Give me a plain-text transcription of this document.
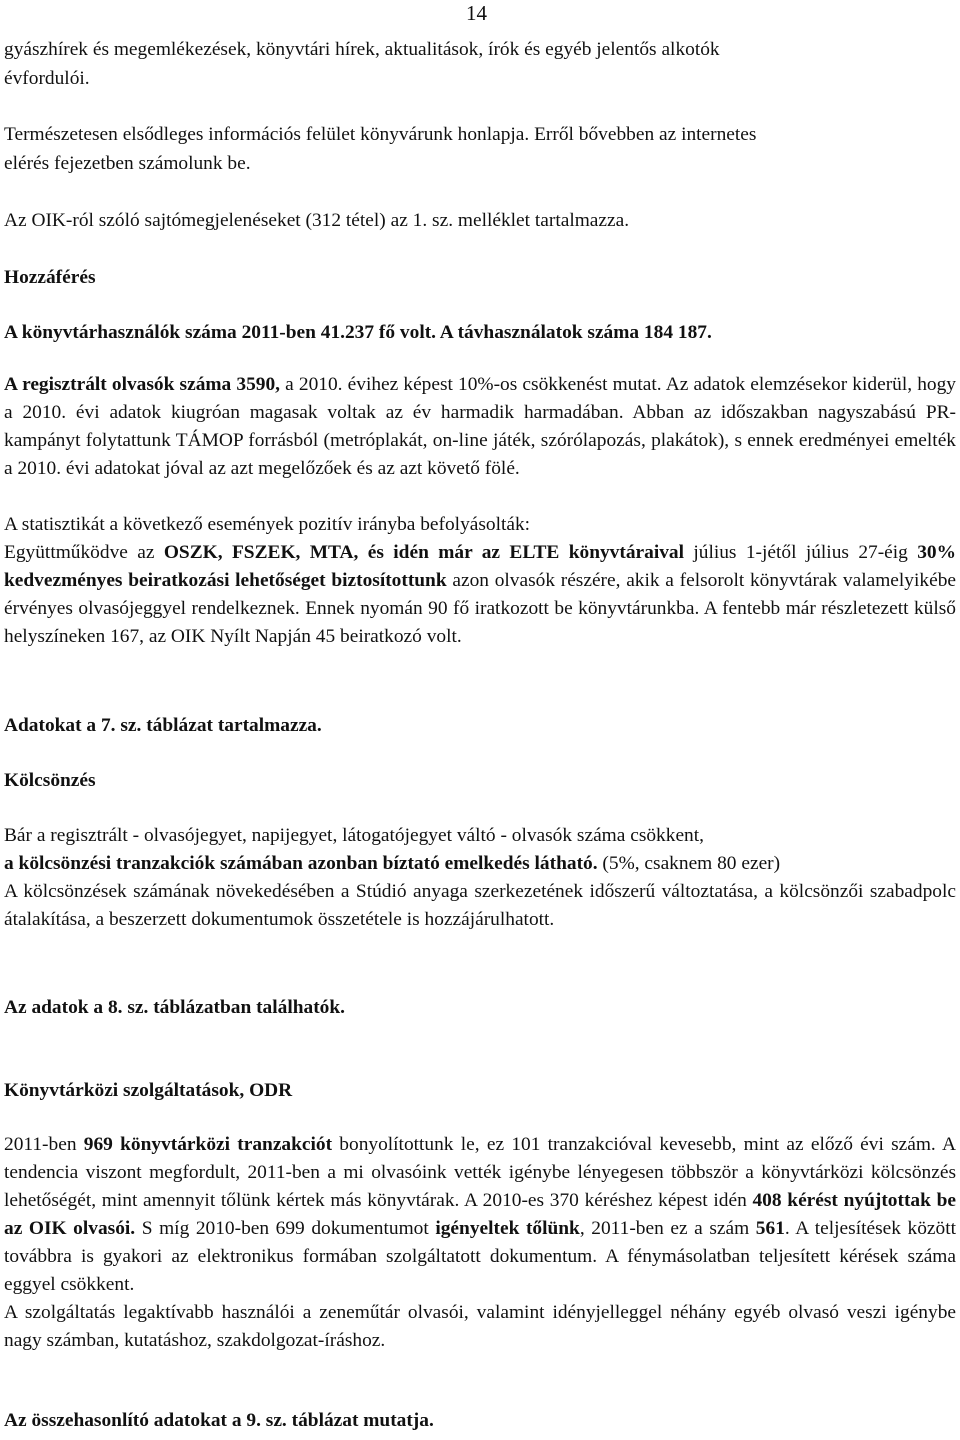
14

gyászhírek és megemlékezések, könyvtári hírek, aktualitások, írók és egyéb jelentős alkotók
évfordulói.

Természetesen elsődleges információs felület könyvárunk honlapja. Erről bővebben az internetes
elérés fejezetben számolunk be.

Az OIK-ról szóló sajtómegjelenéseket (312 tétel) az 1. sz. melléklet tartalmazza.

Hozzáférés

A könyvtárhasználók száma 2011-ben 41.237 fő volt. A távhasználatok száma 184 187.

A regisztrált olvasók száma 3590, a 2010. évihez képest 10%-os csökkenést mutat. Az adatok elemzésekor kiderül, hogy a 2010. évi adatok kiugróan magasak voltak az év harmadik harmadában. Abban az időszakban nagyszabású PR-kampányt folytattunk TÁMOP forrásból (metróplakát, on-line játék, szórólapozás, plakátok), s ennek eredményei emelték a 2010. évi adatokat jóval az azt megelőzőek és az azt követő fölé.

A statisztikát a következő események pozitív irányba befolyásolták:
Együttműködve az OSZK, FSZEK, MTA, és idén már az ELTE könyvtáraival július 1-jétől július 27-éig 30% kedvezményes beiratkozási lehetőséget biztosítottunk azon olvasók részére, akik a felsorolt könyvtárak valamelyikébe érvényes olvasójeggyel rendelkeznek. Ennek nyomán 90 fő iratkozott be könyvtárunkba. A fentebb már részletezett külső helyszíneken 167, az OIK Nyílt Napján 45 beiratkozó volt.

Adatokat a 7. sz. táblázat tartalmazza.

Kölcsönzés

Bár a regisztrált - olvasójegyet, napijegyet, látogatójegyet váltó - olvasók száma csökkent,
a kölcsönzési tranzakciók számában azonban bíztató emelkedés látható. (5%, csaknem 80 ezer)
A kölcsönzések számának növekedésében a Stúdió anyaga szerkezetének időszerű változtatása, a kölcsönzői szabadpolc átalakítása, a beszerzett dokumentumok összetétele is hozzájárulhatott.

Az adatok a 8. sz. táblázatban találhatók.

Könyvtárközi szolgáltatások, ODR

2011-ben 969 könyvtárközi tranzakciót bonyolítottunk le, ez 101 tranzakcióval kevesebb, mint az előző évi szám. A tendencia viszont megfordult, 2011-ben a mi olvasóink vették igénybe lényegesen többször a könyvtárközi kölcsönzés lehetőségét, mint amennyit tőlünk kértek más könyvtárak. A 2010-es 370 kéréshez képest idén 408 kérést nyújtottak be az OIK olvasói. S míg 2010-ben 699 dokumentumot igényeltek tőlünk, 2011-ben ez a szám 561. A teljesítések között továbbra is gyakori az elektronikus formában szolgáltatott dokumentum. A fénymásolatban teljesített kérések száma eggyel csökkent.
A szolgáltatás legaktívabb használói a zeneműtár olvasói, valamint idényjelleggel néhány egyéb olvasó veszi igénybe nagy számban, kutatáshoz, szakdolgozat-íráshoz.

Az összehasonlító adatokat a 9. sz. táblázat mutatja.
